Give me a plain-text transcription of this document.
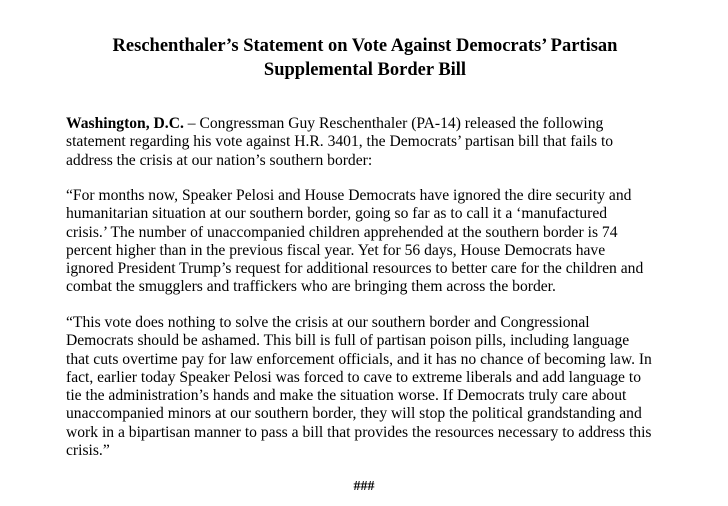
Reschenthaler’s Statement on Vote Against Democrats’ Partisan
Supplemental Border Bill

Washington, D.C. – Congressman Guy Reschenthaler (PA-14) released the following
statement regarding his vote against H.R. 3401, the Democrats’ partisan bill that fails to
address the crisis at our nation’s southern border:

“For months now, Speaker Pelosi and House Democrats have ignored the dire security and
humanitarian situation at our southern border, going so far as to call it a ‘manufactured
crisis.’ The number of unaccompanied children apprehended at the southern border is 74
percent higher than in the previous fiscal year. Yet for 56 days, House Democrats have
ignored President Trump’s request for additional resources to better care for the children and
combat the smugglers and traffickers who are bringing them across the border.

“This vote does nothing to solve the crisis at our southern border and Congressional
Democrats should be ashamed. This bill is full of partisan poison pills, including language
that cuts overtime pay for law enforcement officials, and it has no chance of becoming law. In
fact, earlier today Speaker Pelosi was forced to cave to extreme liberals and add language to
tie the administration’s hands and make the situation worse. If Democrats truly care about
unaccompanied minors at our southern border, they will stop the political grandstanding and
work in a bipartisan manner to pass a bill that provides the resources necessary to address this
crisis.”

###
